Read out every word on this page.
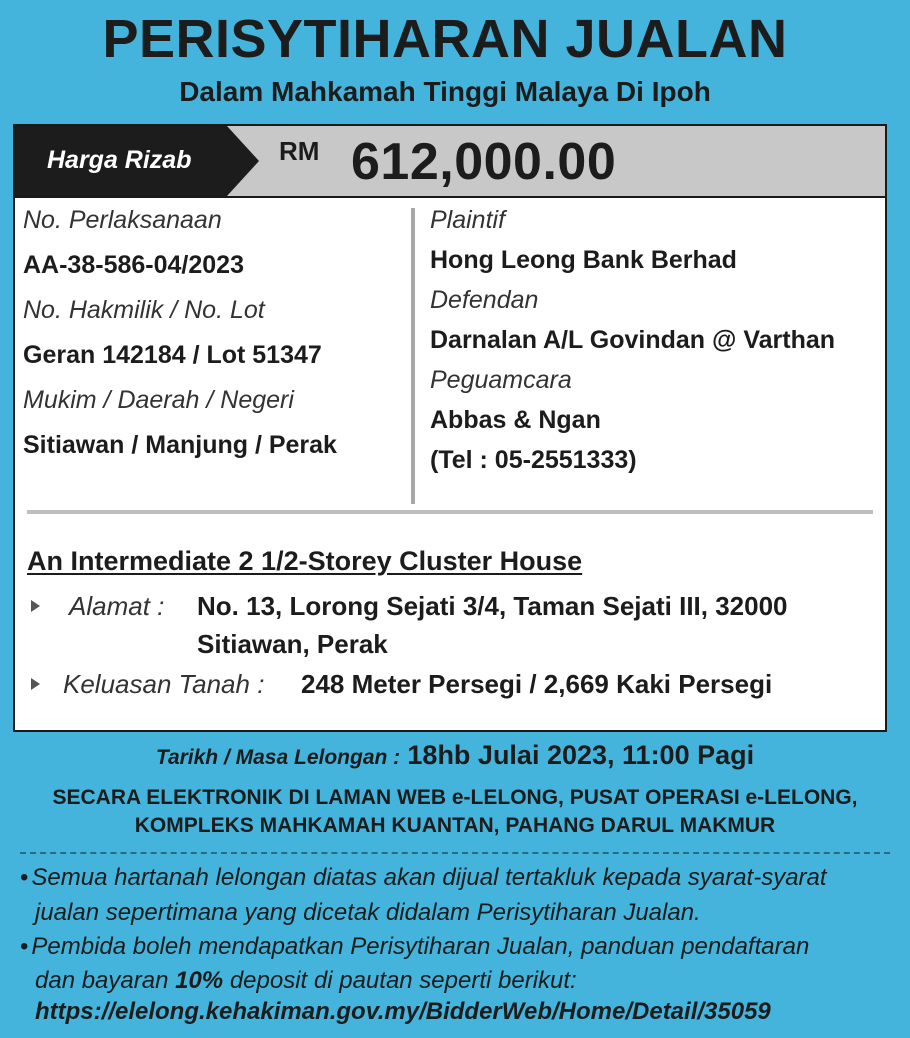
PERISYTIHARAN JUALAN
Dalam Mahkamah Tinggi Malaya Di Ipoh
Harga Rizab	RM 612,000.00
No. Perlaksanaan
AA-38-586-04/2023
No. Hakmilik / No. Lot
Geran 142184 / Lot 51347
Mukim / Daerah / Negeri
Sitiawan / Manjung / Perak
Plaintif
Hong Leong Bank Berhad
Defendan
Darnalan A/L Govindan @ Varthan
Peguamcara
Abbas & Ngan
(Tel : 05-2551333)
An Intermediate 2 1/2-Storey Cluster House
Alamat : No. 13, Lorong Sejati 3/4, Taman Sejati III, 32000
Sitiawan, Perak
Keluasan Tanah : 248 Meter Persegi / 2,669 Kaki Persegi
Tarikh / Masa Lelongan : 18hb Julai 2023, 11:00 Pagi
SECARA ELEKTRONIK DI LAMAN WEB e-LELONG, PUSAT OPERASI e-LELONG,
KOMPLEKS MAHKAMAH KUANTAN, PAHANG DARUL MAKMUR
• Semua hartanah lelongan diatas akan dijual tertakluk kepada syarat-syarat
jualan sepertimana yang dicetak didalam Perisytiharan Jualan.
• Pembida boleh mendapatkan Perisytiharan Jualan, panduan pendaftaran
dan bayaran 10% deposit di pautan seperti berikut:
https://elelong.kehakiman.gov.my/BidderWeb/Home/Detail/35059
